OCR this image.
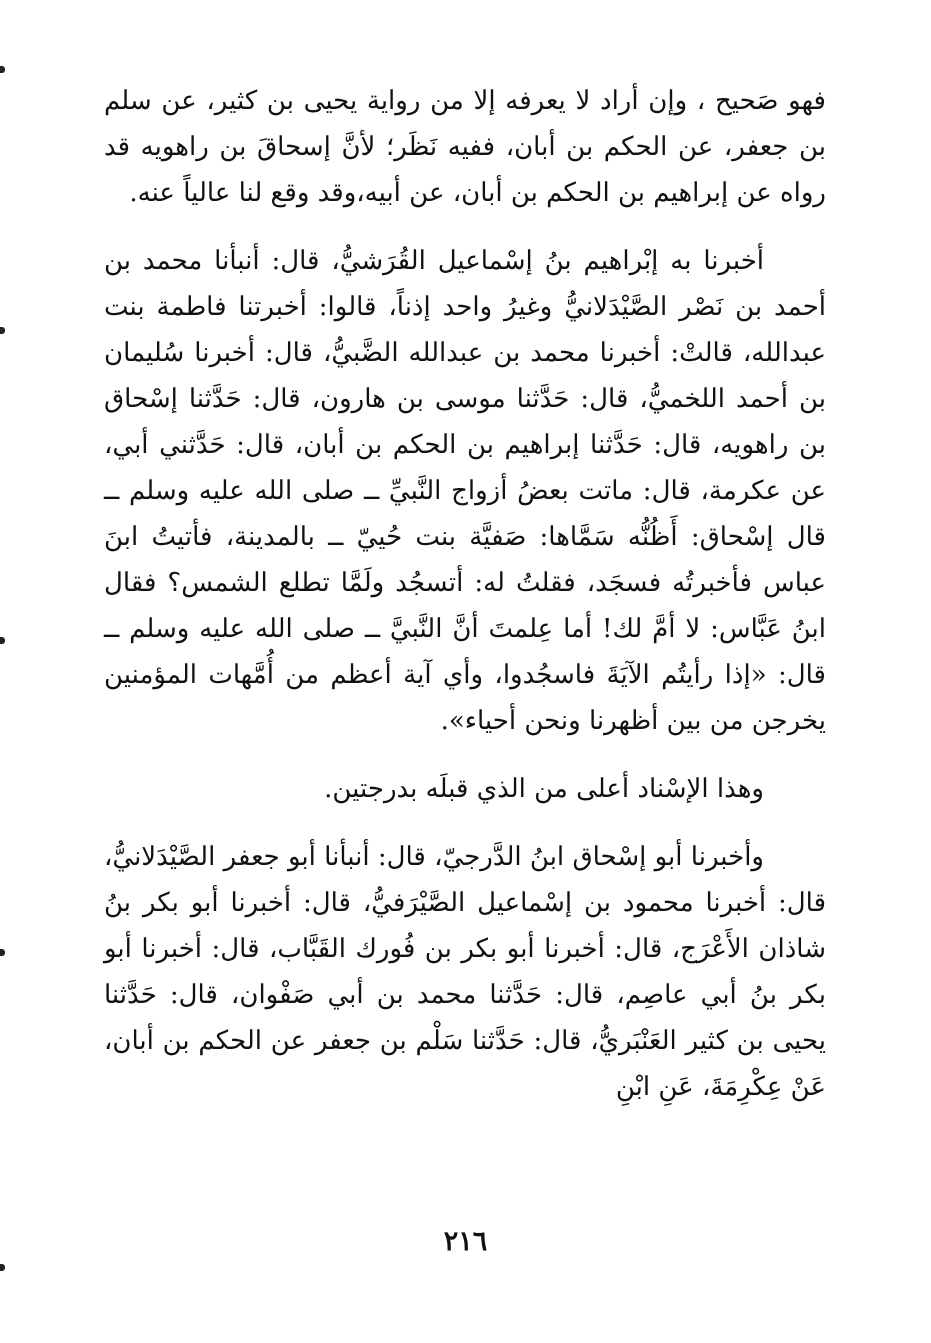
فهو صَحيح ، وإن أراد لا يعرفه إلا من رواية يحيى بن كثير، عن سلم بن جعفر، عن الحكم بن أبان، ففيه نَظَر؛ لأنَّ إسحاقَ بن راهويه قد رواه عن إبراهيم بن الحكم بن أبان، عن أبيه،وقد وقع لنا عالياً عنه.

أخبرنا به إبْراهيم بنُ إسْماعيل القُرَشيُّ، قال: أنبأنا محمد بن أحمد بن نَصْر الصَّيْدَلانيُّ وغيرُ واحد إذناً، قالوا: أخبرتنا فاطمة بنت عبدالله، قالتْ: أخبرنا محمد بن عبدالله الضَّبيُّ، قال: أخبرنا سُليمان بن أحمد اللخميُّ، قال: حَدَّثنا موسى بن هارون، قال: حَدَّثنا إسْحاق بن راهويه، قال: حَدَّثنا إبراهيم بن الحكم بن أبان، قال: حَدَّثني أبي، عن عكرمة، قال: ماتت بعضُ أزواج النَّبيِّ ــ صلى الله عليه وسلم ــ قال إسْحاق: أَظُنُّه سَمَّاها: صَفيَّة بنت حُييّ ــ بالمدينة، فأتيتُ ابنَ عباس فأخبرتُه فسجَد، فقلتُ له: أتسجُد ولَمَّا تطلع الشمس؟ فقال ابنُ عَبَّاس: لا أمَّ لك! أما عِلمتَ أنَّ النَّبيَّ ــ صلى الله عليه وسلم ــ قال: «إذا رأيتُم الآيَةَ فاسجُدوا، وأي آية أعظم من أُمَّهات المؤمنين يخرجن من بين أظهرنا ونحن أحياء».

وهذا الإسْناد أعلى من الذي قبلَه بدرجتين.

وأخبرنا أبو إسْحاق ابنُ الدَّرجيّ، قال: أنبأنا أبو جعفر الصَّيْدَلانيُّ، قال: أخبرنا محمود بن إسْماعيل الصَّيْرَفيُّ، قال: أخبرنا أبو بكر بنُ شاذان الأَعْرَج، قال: أخبرنا أبو بكر بن فُورك القَبَّاب، قال: أخبرنا أبو بكر بنُ أبي عاصِم، قال: حَدَّثنا محمد بن أبي صَفْوان، قال: حَدَّثنا يحيى بن كثير العَنْبَريُّ، قال: حَدَّثنا سَلْم بن جعفر عن الحكم بن أبان، عَنْ عِكْرِمَةَ، عَنِ ابْنِ

٢١٦
